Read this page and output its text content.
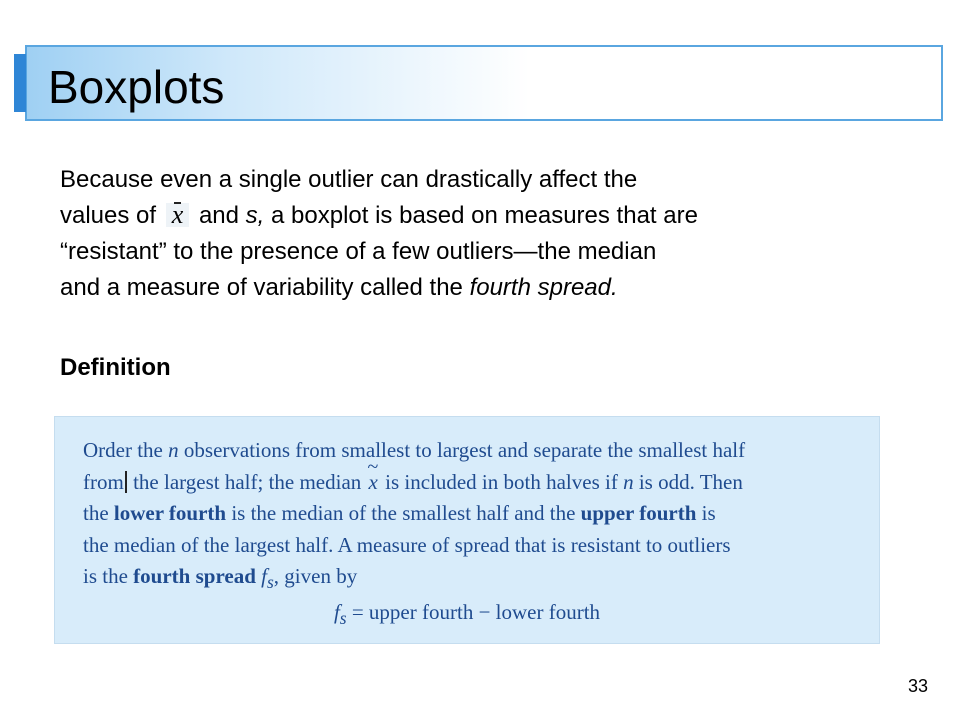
Boxplots

Because even a single outlier can drastically affect the
values of x and s, a boxplot is based on measures that are
“resistant” to the presence of a few outliers—the median
and a measure of variability called the fourth spread.

Definition

Order the n observations from smallest to largest and separate the smallest half
from the largest half; the median ~ x is included in both halves if n is odd. Then
the lower fourth is the median of the smallest half and the upper fourth is
the median of the largest half. A measure of spread that is resistant to outliers
is the fourth spread $f_s$, given by

$f_s$ = upper fourth − lower fourth

33
